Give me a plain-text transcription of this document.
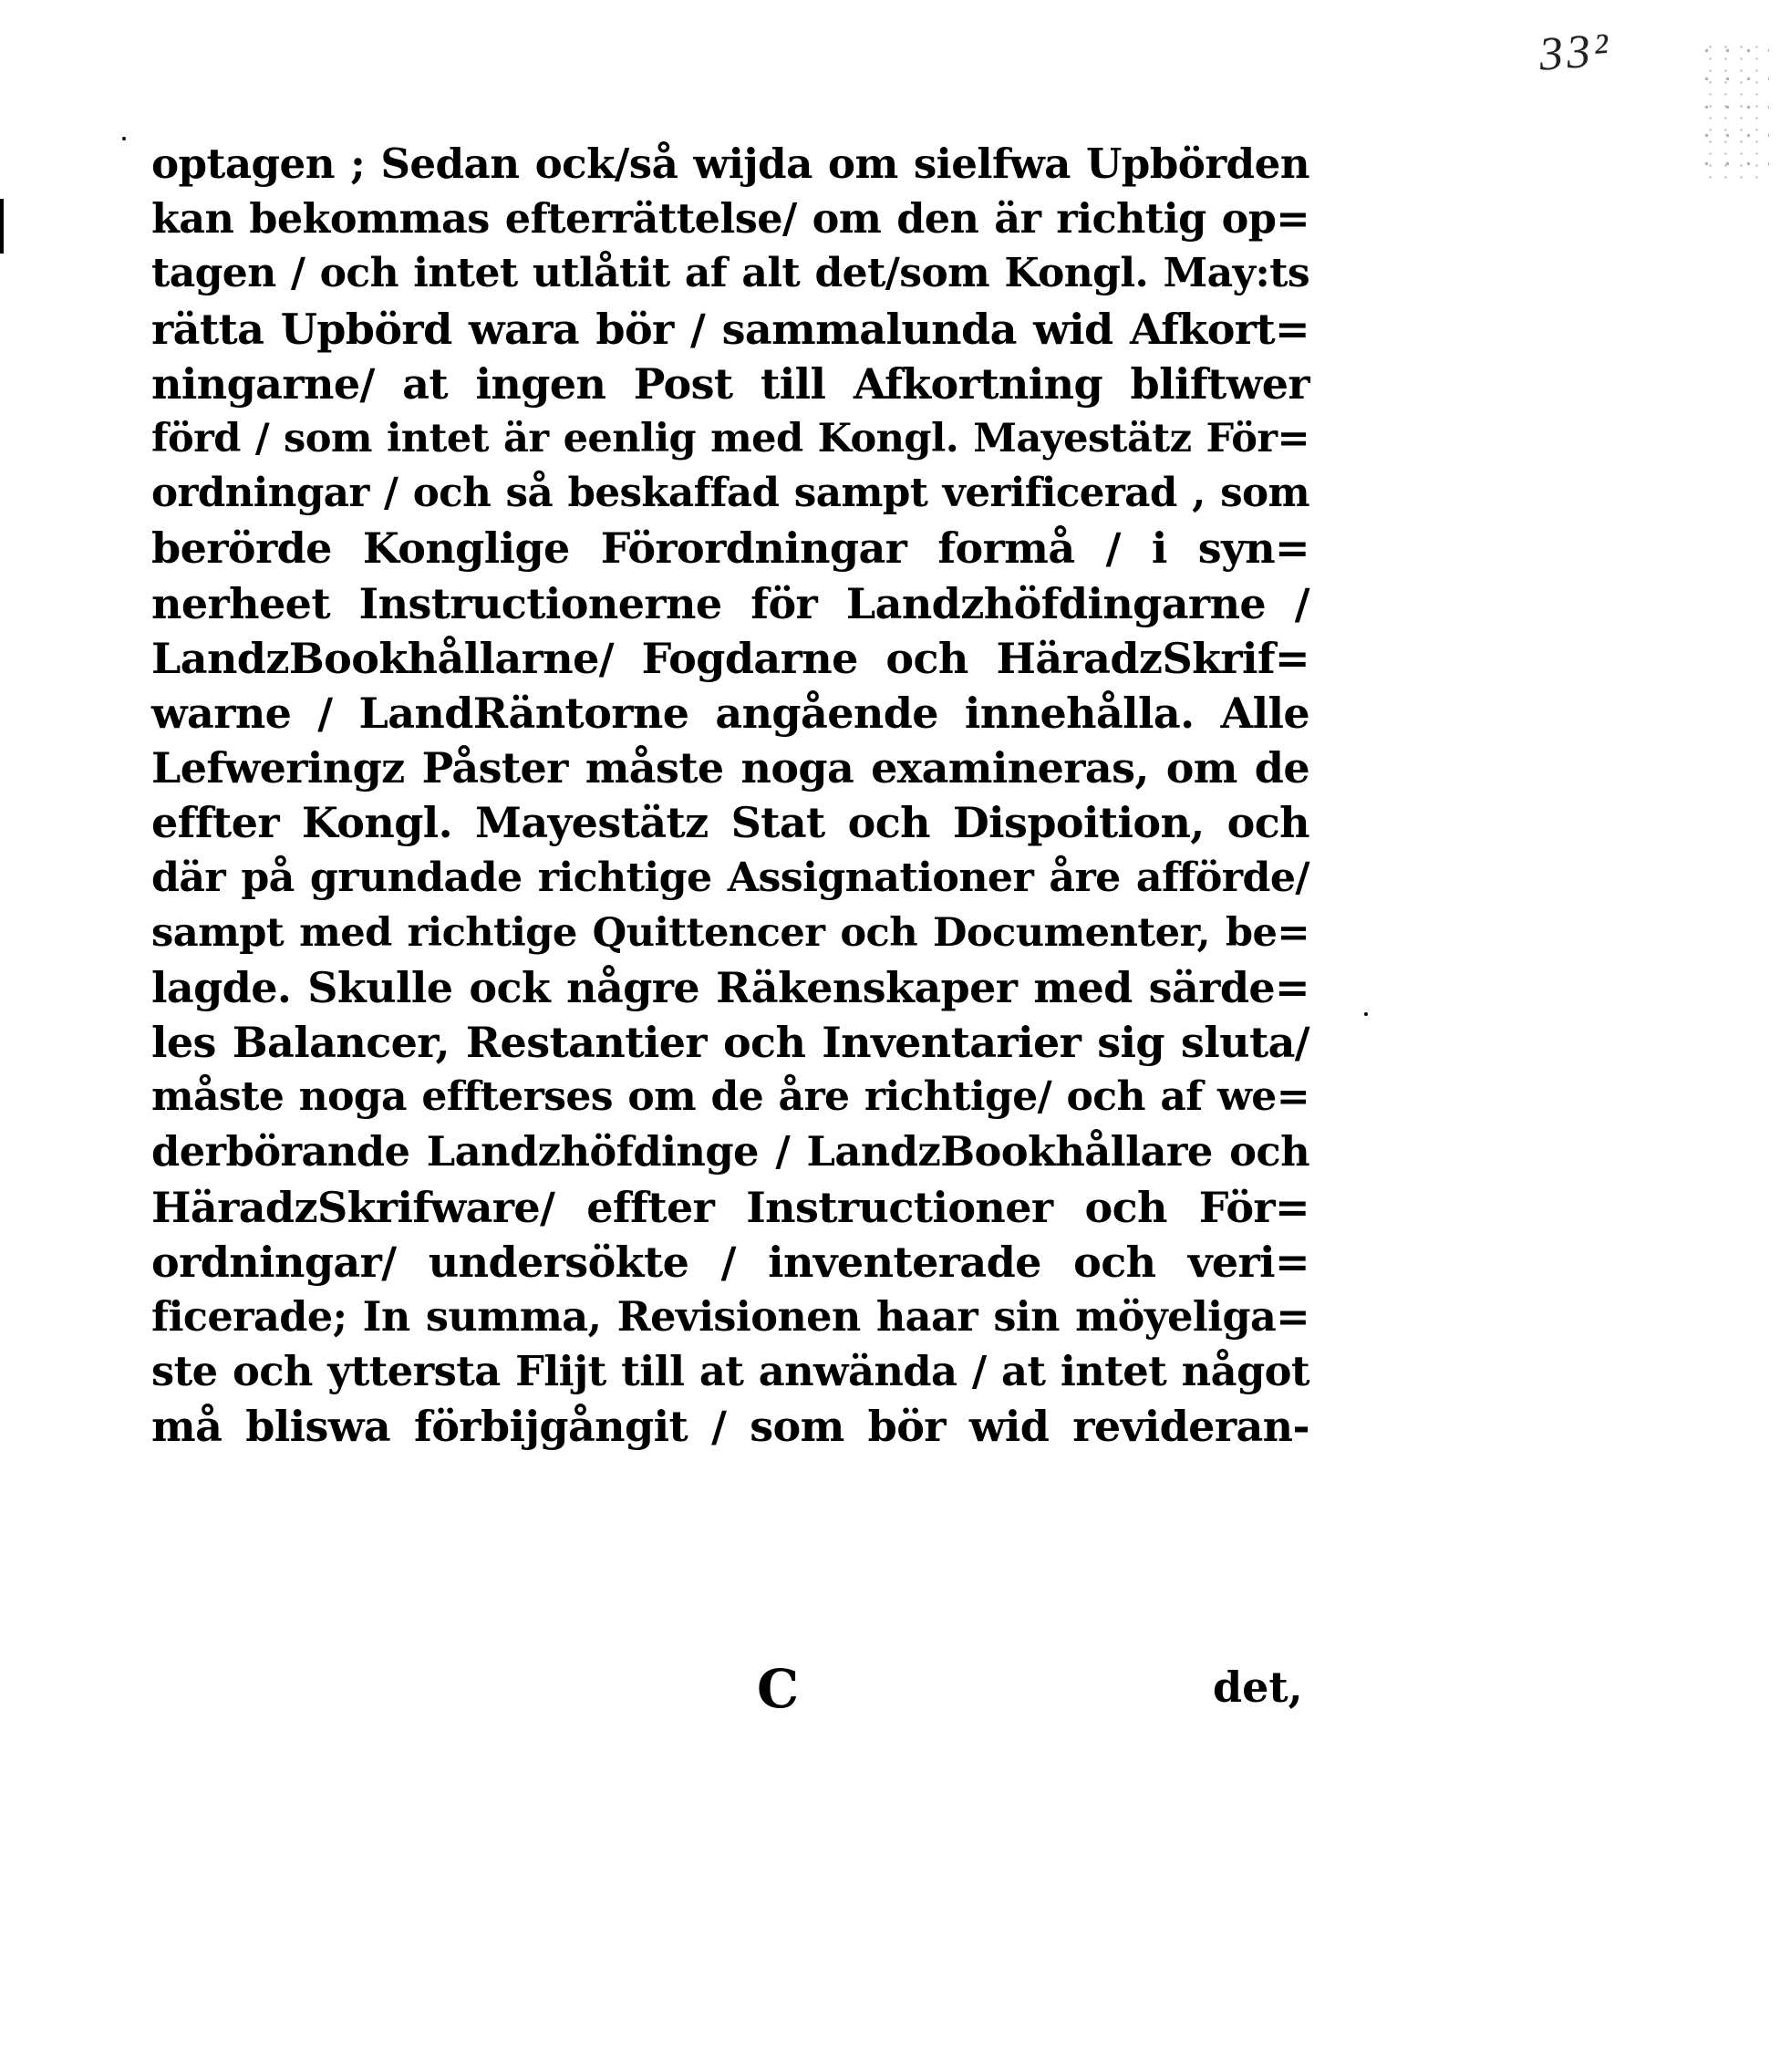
33²
optagen ; Sedan ock/så wijda om sielfwa Upbörden
kan bekommas efterrättelse/ om den är richtig op=
tagen / och intet utlåtit af alt det/som Kongl. May:ts
rätta Upbörd wara bör / sammalunda wid Afkort=
ningarne/ at ingen Post till Afkortning bliftwer
förd / som intet är eenlig med Kongl. Mayestätz För=
ordningar / och så beskaffad sampt verificerad , som
berörde Konglige Förordningar formå / i syn=
nerheet Instructionerne för Landzhöfdingarne /
LandzBookhållarne/ Fogdarne och HäradzSkrif=
warne / LandRäntorne angående innehålla. Alle
Lefweringz Påster måste noga examineras, om de
effter Kongl. Mayestätz Stat och Dispoition, och
där på grundade richtige Assignationer åre afförde/
sampt med richtige Quittencer och Documenter, be=
lagde. Skulle ock någre Räkenskaper med särde=
les Balancer, Restantier och Inventarier sig sluta/
måste noga effterses om de åre richtige/ och af we=
derbörande Landzhöfdinge / LandzBookhållare och
HäradzSkrifware/ effter Instructioner och För=
ordningar/ undersökte / inventerade och veri=
ficerade; In summa, Revisionen haar sin möyeliga=
ste och yttersta Flijt till at anwända / at intet något
må bliswa förbijgångit / som bör wid revideran-
C	det,
